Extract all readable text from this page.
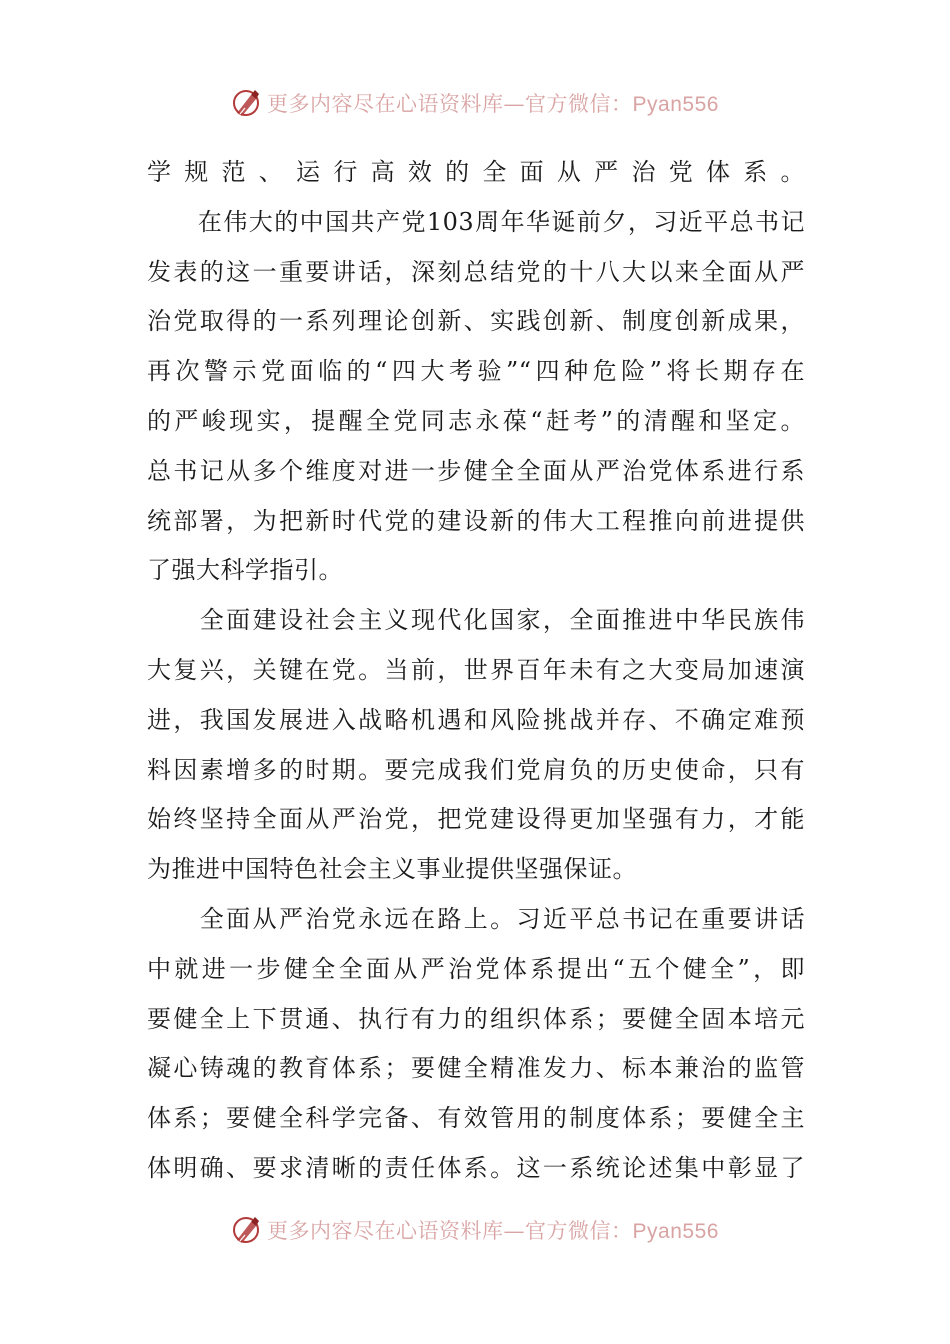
更多内容尽在心语资料库—官方微信：Pyan556
学规范、运行高效的全面从严治党体系。
　　在伟大的中国共产党103周年华诞前夕，习近平总书记
发表的这一重要讲话，深刻总结党的十八大以来全面从严
治党取得的一系列理论创新、实践创新、制度创新成果，
再次警示党面临的“四大考验”“四种危险”将长期存在
的严峻现实，提醒全党同志永葆“赶考”的清醒和坚定。
总书记从多个维度对进一步健全全面从严治党体系进行系
统部署，为把新时代党的建设新的伟大工程推向前进提供
了强大科学指引。
　　全面建设社会主义现代化国家，全面推进中华民族伟
大复兴，关键在党。当前，世界百年未有之大变局加速演
进，我国发展进入战略机遇和风险挑战并存、不确定难预
料因素增多的时期。要完成我们党肩负的历史使命，只有
始终坚持全面从严治党，把党建设得更加坚强有力，才能
为推进中国特色社会主义事业提供坚强保证。
　　全面从严治党永远在路上。习近平总书记在重要讲话
中就进一步健全全面从严治党体系提出“五个健全”，即
要健全上下贯通、执行有力的组织体系；要健全固本培元
凝心铸魂的教育体系；要健全精准发力、标本兼治的监管
体系；要健全科学完备、有效管用的制度体系；要健全主
体明确、要求清晰的责任体系。这一系统论述集中彰显了
更多内容尽在心语资料库—官方微信：Pyan556
